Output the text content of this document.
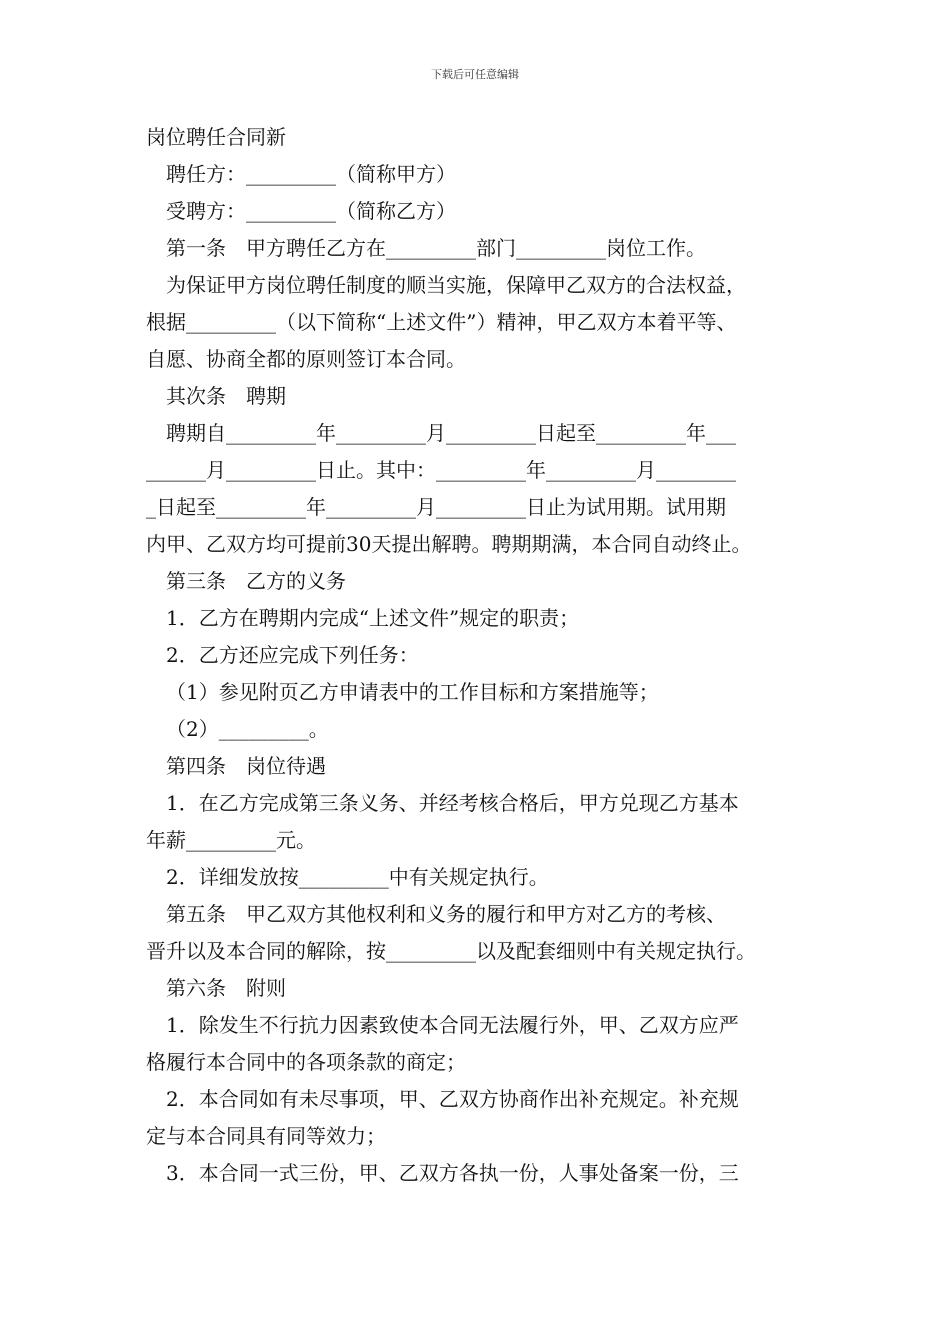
下载后可任意编辑
岗位聘任合同新
聘任方：_________（简称甲方）
受聘方：_________（简称乙方）
第一条　甲方聘任乙方在_________部门_________岗位工作。
为保证甲方岗位聘任制度的顺当实施，保障甲乙双方的合法权益，
根据_________（以下简称“上述文件”）精神，甲乙双方本着平等、
自愿、协商全都的原则签订本合同。
其次条　聘期
聘期自_________年_________月_________日起至_________年___
______月_________日止。其中：_________年_________月________
_日起至_________年_________月_________日止为试用期。试用期
内甲、乙双方均可提前30天提出解聘。聘期期满，本合同自动终止。
第三条　乙方的义务
1．乙方在聘期内完成“上述文件”规定的职责；
2．乙方还应完成下列任务：
（1）参见附页乙方申请表中的工作目标和方案措施等；
（2）_________。
第四条　岗位待遇
1．在乙方完成第三条义务、并经考核合格后，甲方兑现乙方基本
年薪_________元。
2．详细发放按_________中有关规定执行。
第五条　甲乙双方其他权利和义务的履行和甲方对乙方的考核、
晋升以及本合同的解除，按_________以及配套细则中有关规定执行。
第六条　附则
1．除发生不行抗力因素致使本合同无法履行外，甲、乙双方应严
格履行本合同中的各项条款的商定；
2．本合同如有未尽事项，甲、乙双方协商作出补充规定。补充规
定与本合同具有同等效力；
3．本合同一式三份，甲、乙双方各执一份，人事处备案一份，三
